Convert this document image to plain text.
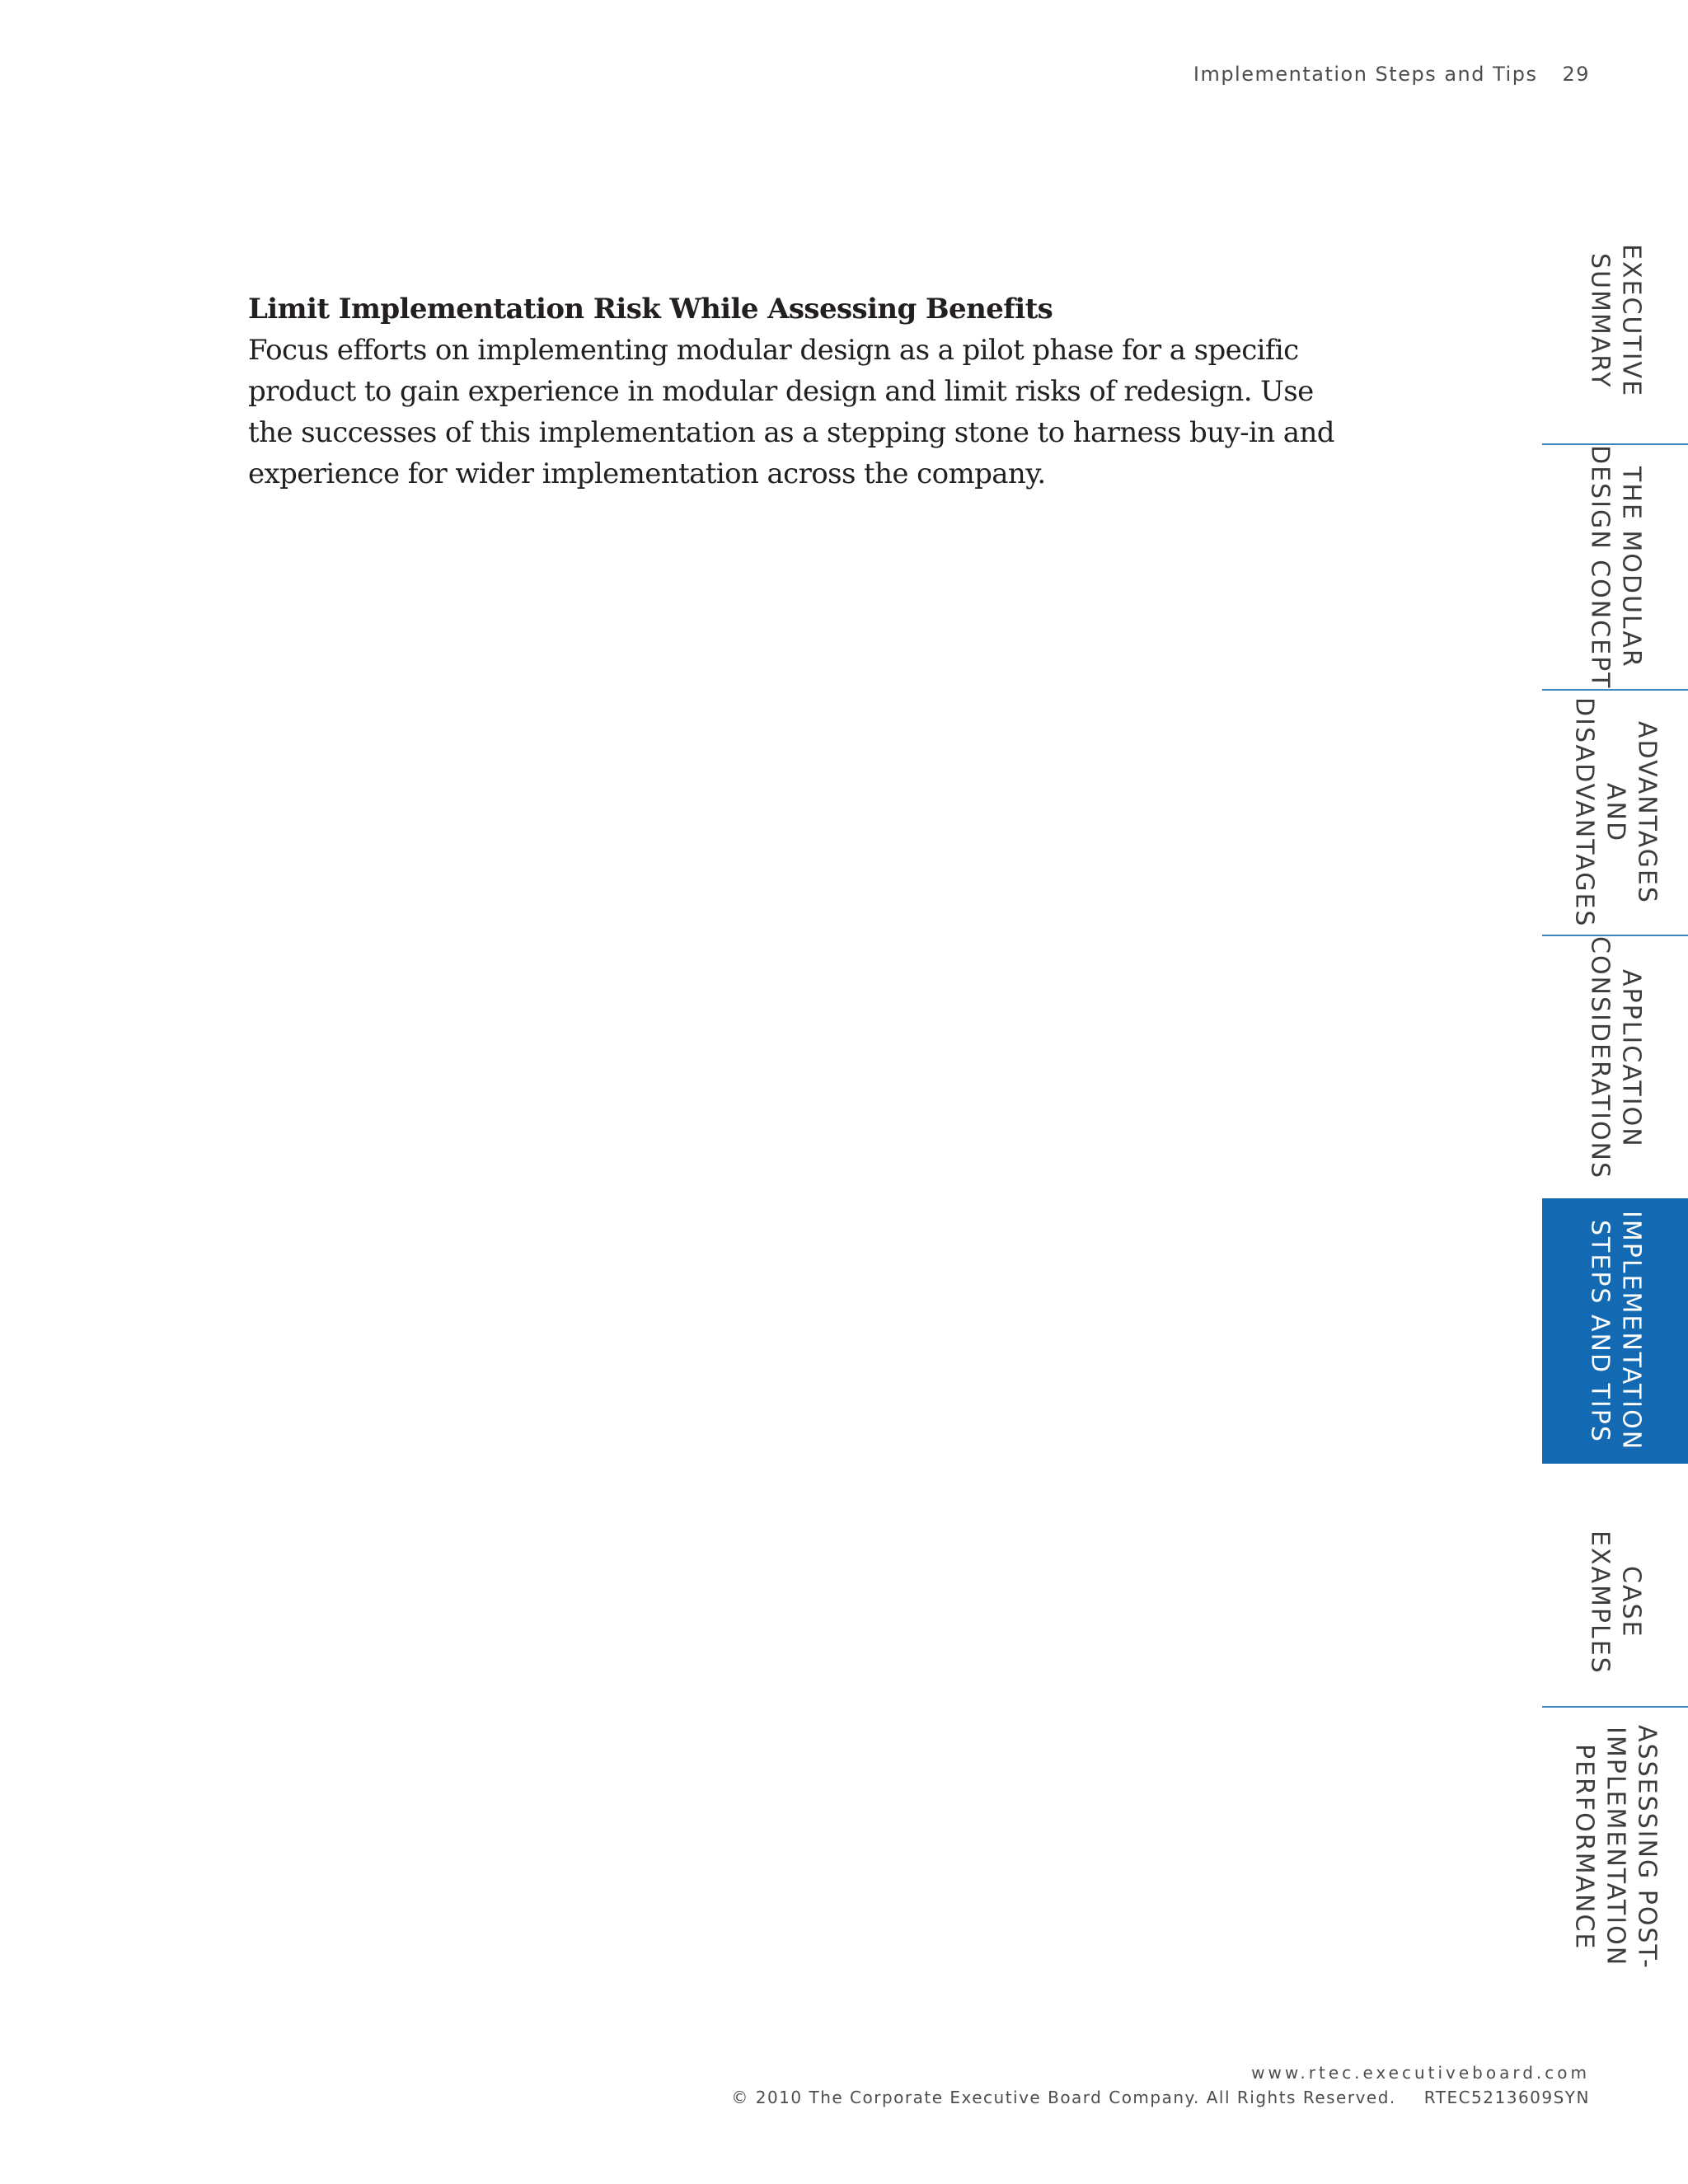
Implementation Steps and Tips 29

Limit Implementation Risk While Assessing Benefits

Focus efforts on implementing modular design as a pilot phase for a specific product to gain experience in modular design and limit risks of redesign. Use the successes of this implementation as a stepping stone to harness buy-in and experience for wider implementation across the company.

EXECUTIVE
SUMMARY
THE MODULAR
DESIGN CONCEPT
ADVANTAGES
AND
DISADVANTAGES
APPLICATION
CONSIDERATIONS
IMPLEMENTATION
STEPS AND TIPS
CASE
EXAMPLES
ASSESSING POST-
IMPLEMENTATION
PERFORMANCE
www.rtec.executiveboard.com
© 2010 The Corporate Executive Board Company. All Rights Reserved. RTEC5213609SYN
